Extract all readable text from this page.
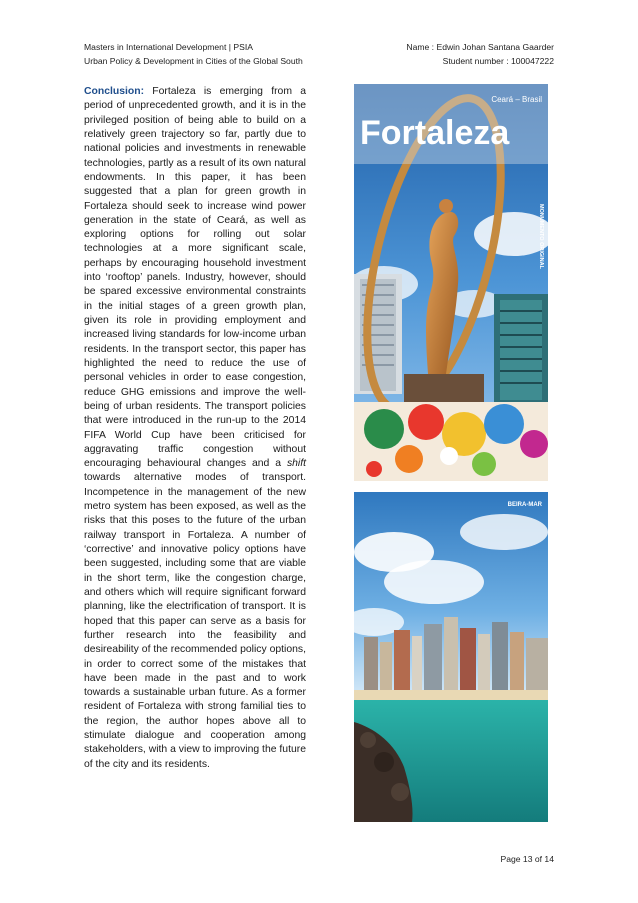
Masters in International Development | PSIA
Urban Policy & Development in Cities of the Global South
Name : Edwin Johan Santana Gaarder
Student number : 100047222
Conclusion: Fortaleza is emerging from a period of unprecedented growth, and it is in the privileged position of being able to build on a relatively green trajectory so far, partly due to national policies and investments in renewable technologies, partly as a result of its own natural endowments. In this paper, it has been suggested that a plan for green growth in Fortaleza should seek to increase wind power generation in the state of Ceará, as well as exploring options for rolling out solar technologies at a more significant scale, perhaps by encouraging household investment into ‘rooftop’ panels. Industry, however, should be spared excessive environmental constraints in the initial stages of a green growth plan, given its role in providing employment and increased living standards for low-income urban residents. In the transport sector, this paper has highlighted the need to reduce the use of personal vehicles in order to ease congestion, reduce GHG emissions and improve the well-being of urban residents. The transport policies that were introduced in the run-up to the 2014 FIFA World Cup have been criticised for aggravating traffic congestion without encouraging behavioural changes and a shift towards alternative modes of transport. Incompetence in the management of the new metro system has been exposed, as well as the risks that this poses to the future of the urban railway transport in Fortaleza. A number of ‘corrective’ and innovative policy options have been suggested, including some that are viable in the short term, like the congestion charge, and others which will require significant forward planning, like the electrification of transport. It is hoped that this paper can serve as a basis for further research into the feasibility and desireability of the recommended policy options, in order to correct some of the mistakes that have been made in the past and to work towards a sustainable urban future. As a former resident of Fortaleza with strong familial ties to the region, the author hopes above all to stimulate dialogue and cooperation among stakeholders, with a view to improving the future of the city and its residents.
Fortaleza
Ceará – Brasil
MONUMENTO ORIGINAL
BEIRA-MAR
Page 13 of 14
